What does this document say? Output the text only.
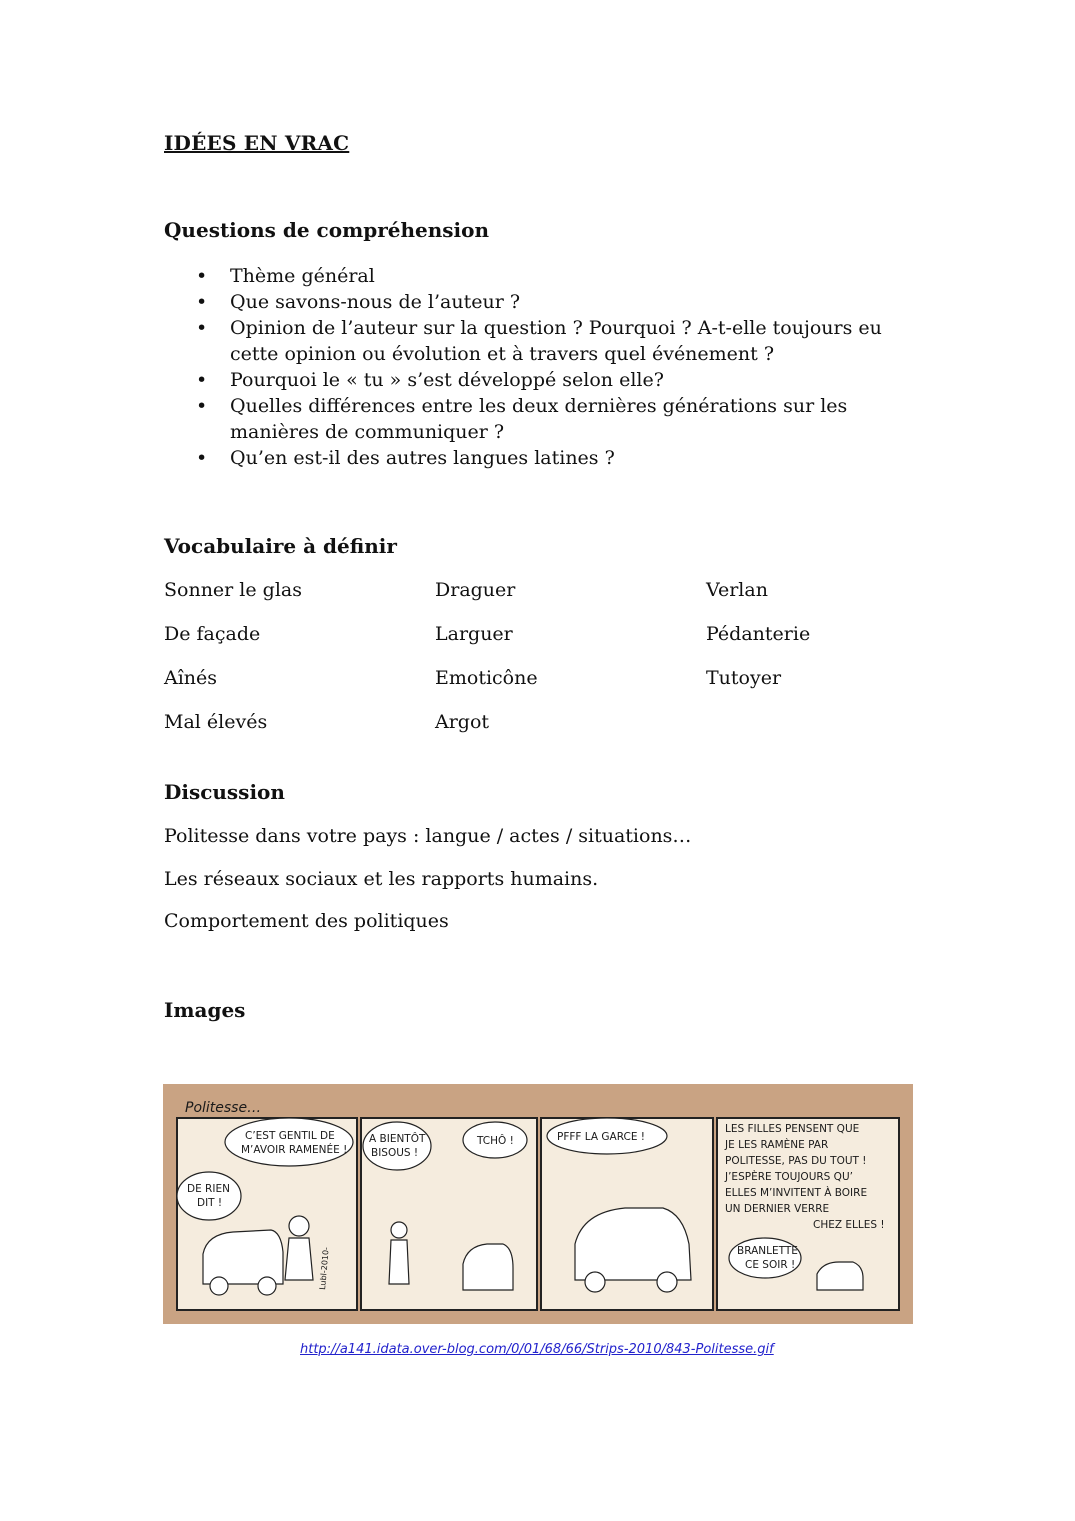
IDÉES EN VRAC
Questions de compréhension
• Thème général
• Que savons-nous de l’auteur ?
• Opinion de l’auteur sur la question ? Pourquoi ? A-t-elle toujours eu cette opinion ou évolution et à travers quel événement ?
• Pourquoi le « tu » s’est développé selon elle?
• Quelles différences entre les deux dernières générations sur les manières de communiquer ?
• Qu’en est-il des autres langues latines ?
Vocabulaire à définir
Sonner le glas	Draguer	Verlan
De façade	Larguer	Pédanterie
Aînés	Emoticône	Tutoyer
Mal élevés	Argot
Discussion
Politesse dans votre pays : langue / actes / situations…
Les réseaux sociaux et les rapports humains.
Comportement des politiques
Images
Politesse…
C’EST GENTIL DE
M’AVOIR RAMENÉE !
DE RIEN
DIT !
Lubl-2010-
A BIENTÔT
BISOUS !
TCHÔ !	PFFF LA GARCE !
LES FILLES PENSENT QUE
JE LES RAMÈNE PAR
POLITESSE, PAS DU TOUT !
J’ESPÈRE TOUJOURS QU’
ELLES M’INVITENT À BOIRE
UN DERNIER VERRE
CHEZ ELLES !
BRANLETTE
CE SOIR !
http://a141.idata.over-blog.com/0/01/68/66/Strips-2010/843-Politesse.gif
